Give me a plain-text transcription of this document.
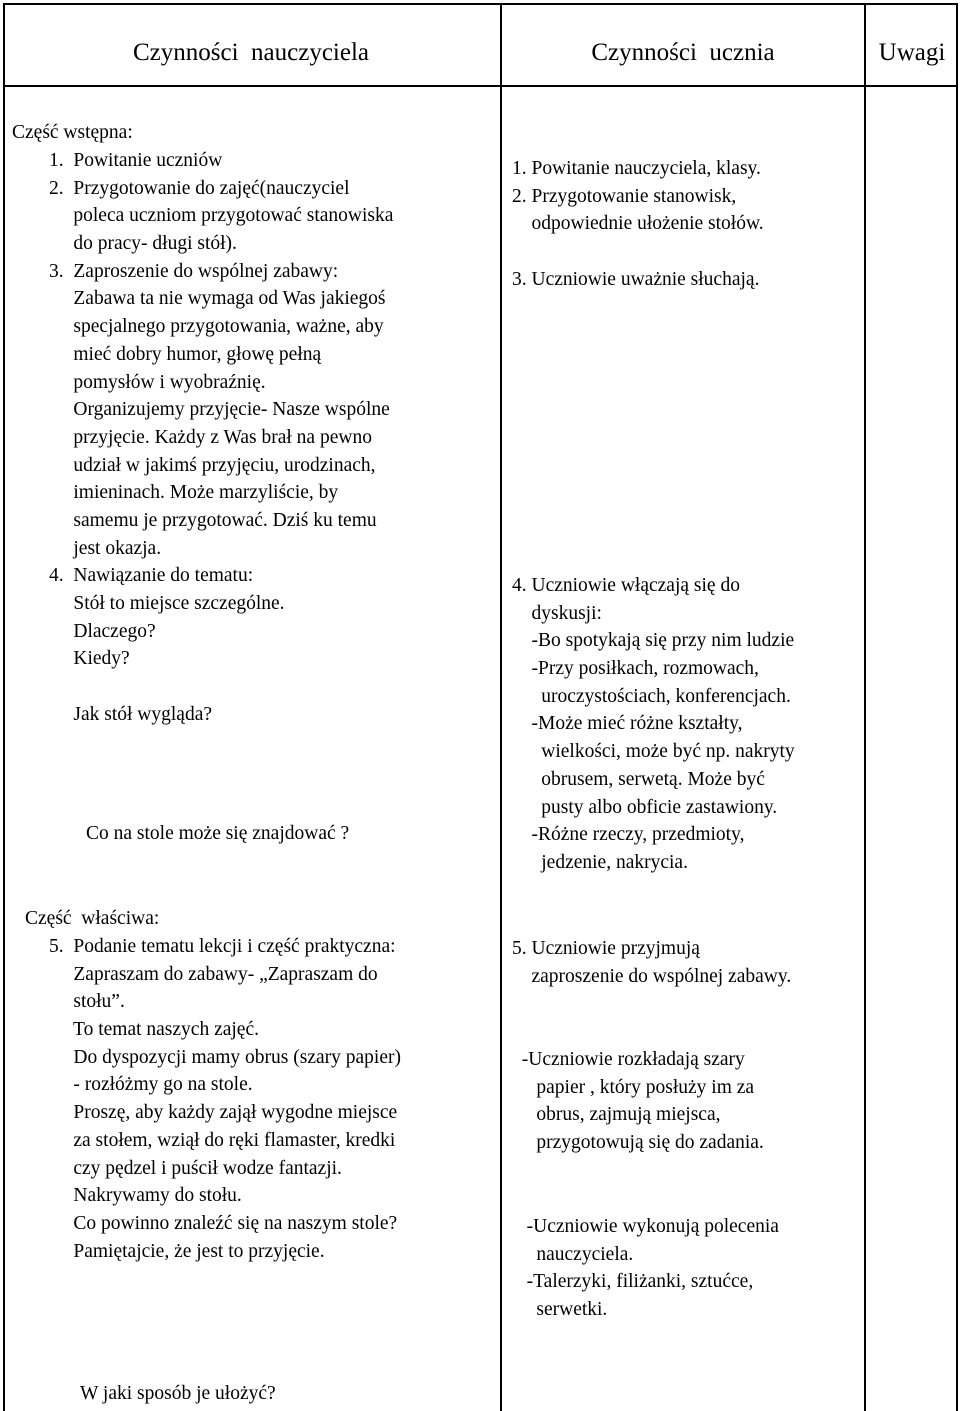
Czynności  nauczyciela	Czynności  ucznia	Uwagi
Część wstępna:
1.  Powitanie uczniów
2.  Przygotowanie do zajęć(nauczyciel
poleca uczniom przygotować stanowiska
do pracy- długi stół).
3.  Zaproszenie do wspólnej zabawy:
Zabawa ta nie wymaga od Was jakiegoś
specjalnego przygotowania, ważne, aby
mieć dobry humor, głowę pełną
pomysłów i wyobraźnię.
Organizujemy przyjęcie- Nasze wspólne
przyjęcie. Każdy z Was brał na pewno
udział w jakimś przyjęciu, urodzinach,
imieninach. Może marzyliście, by
samemu je przygotować. Dziś ku temu
jest okazja.
4.  Nawiązanie do tematu:
Stół to miejsce szczególne.
Dlaczego?
Kiedy?
Jak stół wygląda?
Co na stole może się znajdować ?
Część  właściwa:
5.  Podanie tematu lekcji i część praktyczna:
Zapraszam do zabawy- „Zapraszam do
stołu”.
To temat naszych zajęć.
Do dyspozycji mamy obrus (szary papier)
- rozłóżmy go na stole.
Proszę, aby każdy zajął wygodne miejsce
za stołem, wziął do ręki flamaster, kredki
czy pędzel i puścił wodze fantazji.
Nakrywamy do stołu.
Co powinno znaleźć się na naszym stole?
Pamiętajcie, że jest to przyjęcie.
W jaki sposób je ułożyć?
1. Powitanie nauczyciela, klasy.
2. Przygotowanie stanowisk,
odpowiednie ułożenie stołów.
3. Uczniowie uważnie słuchają.
4. Uczniowie włączają się do
dyskusji:
-Bo spotykają się przy nim ludzie
-Przy posiłkach, rozmowach,
uroczystościach, konferencjach.
-Może mieć różne kształty,
wielkości, może być np. nakryty
obrusem, serwetą. Może być
pusty albo obficie zastawiony.
-Różne rzeczy, przedmioty,
jedzenie, nakrycia.
5. Uczniowie przyjmują
zaproszenie do wspólnej zabawy.
-Uczniowie rozkładają szary
papier , który posłuży im za
obrus, zajmują miejsca,
przygotowują się do zadania.
-Uczniowie wykonują polecenia
nauczyciela.
-Talerzyki, filiżanki, sztućce,
serwetki.
